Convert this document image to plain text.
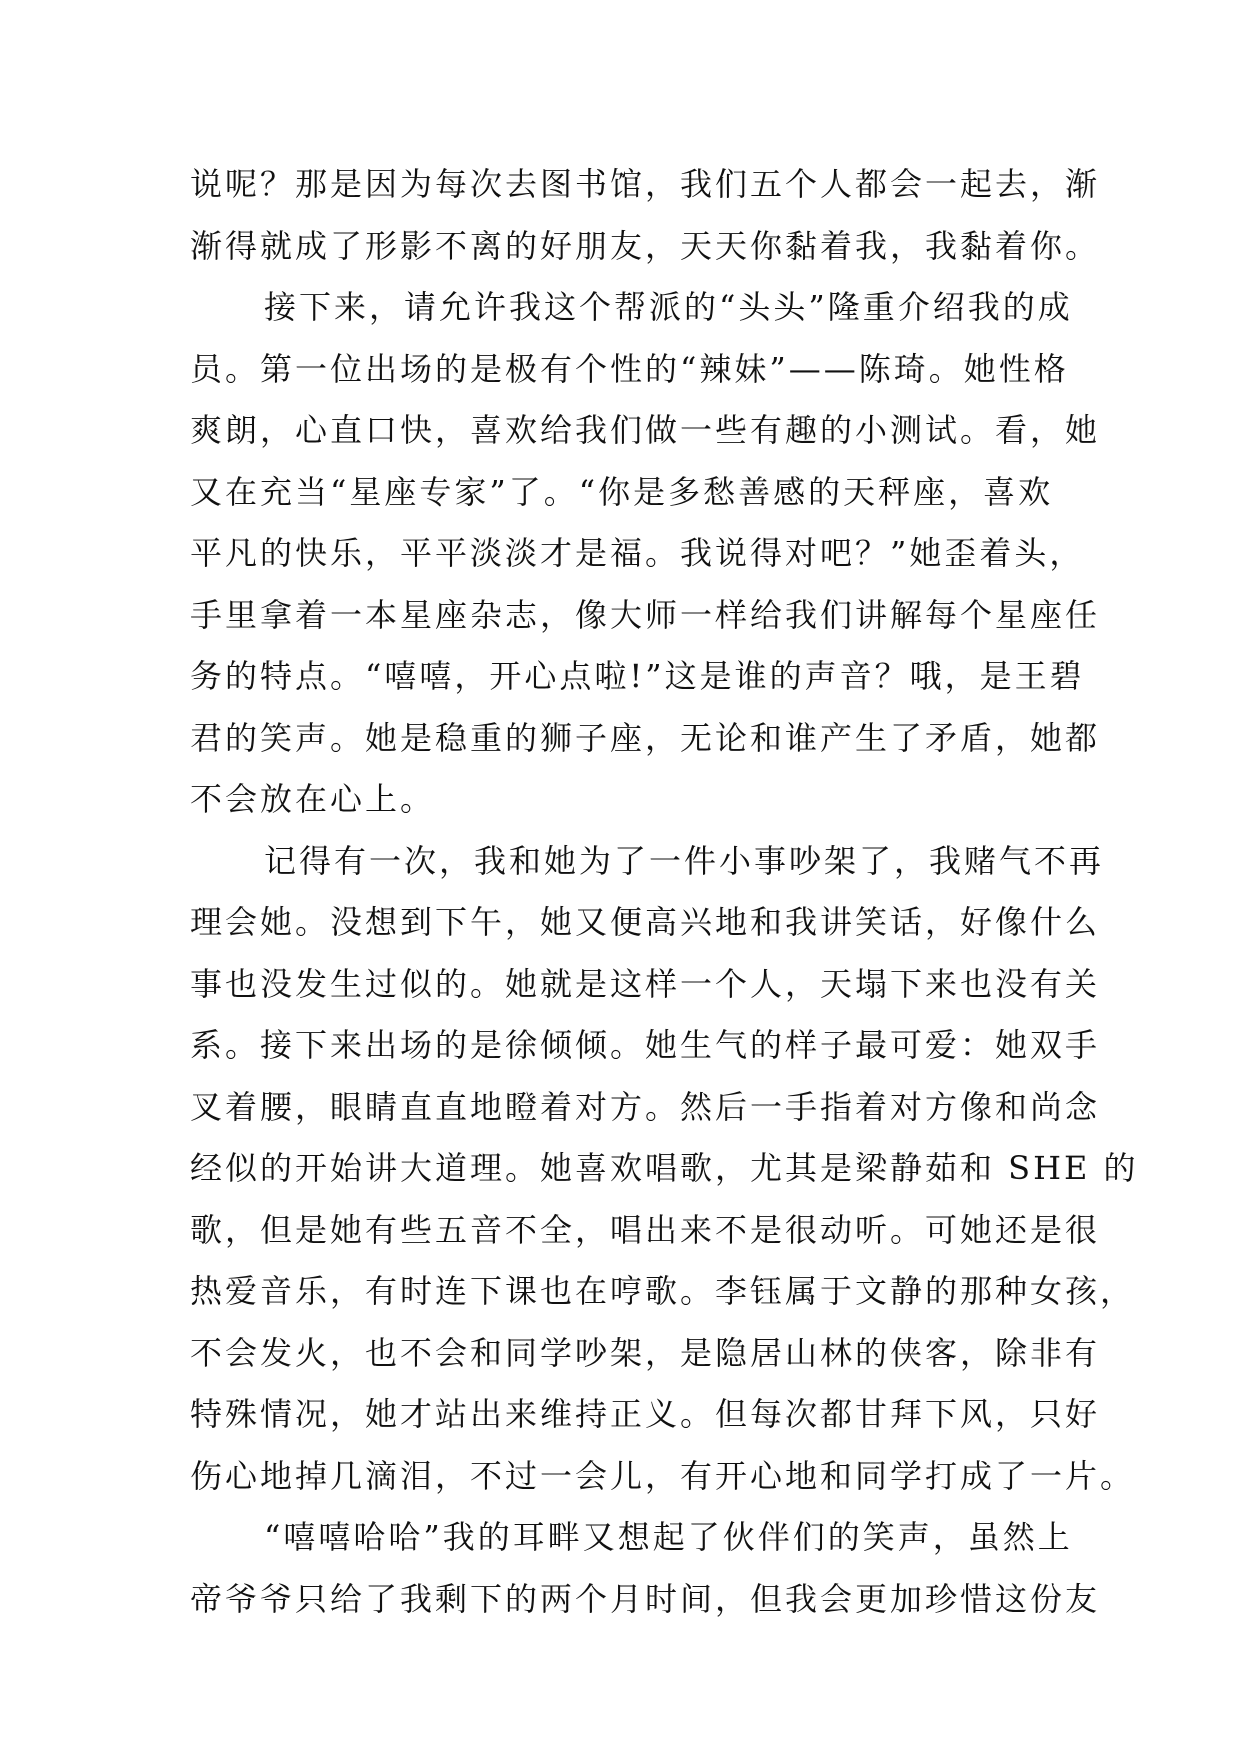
说呢？那是因为每次去图书馆，我们五个人都会一起去，渐
渐得就成了形影不离的好朋友，天天你黏着我，我黏着你。
接下来，请允许我这个帮派的“头头”隆重介绍我的成
员。第一位出场的是极有个性的“辣妹”——陈琦。她性格
爽朗，心直口快，喜欢给我们做一些有趣的小测试。看，她
又在充当“星座专家”了。“你是多愁善感的天秤座，喜欢
平凡的快乐，平平淡淡才是福。我说得对吧？”她歪着头，
手里拿着一本星座杂志，像大师一样给我们讲解每个星座任
务的特点。“嘻嘻，开心点啦!”这是谁的声音？哦，是王碧
君的笑声。她是稳重的狮子座，无论和谁产生了矛盾，她都
不会放在心上。
记得有一次，我和她为了一件小事吵架了，我赌气不再
理会她。没想到下午，她又便高兴地和我讲笑话，好像什么
事也没发生过似的。她就是这样一个人，天塌下来也没有关
系。接下来出场的是徐倾倾。她生气的样子最可爱：她双手
叉着腰，眼睛直直地瞪着对方。然后一手指着对方像和尚念
经似的开始讲大道理。她喜欢唱歌，尤其是梁静茹和 SHE 的
歌，但是她有些五音不全，唱出来不是很动听。可她还是很
热爱音乐，有时连下课也在哼歌。李钰属于文静的那种女孩，
不会发火，也不会和同学吵架，是隐居山林的侠客，除非有
特殊情况，她才站出来维持正义。但每次都甘拜下风，只好
伤心地掉几滴泪，不过一会儿，有开心地和同学打成了一片。
“嘻嘻哈哈”我的耳畔又想起了伙伴们的笑声，虽然上
帝爷爷只给了我剩下的两个月时间，但我会更加珍惜这份友
